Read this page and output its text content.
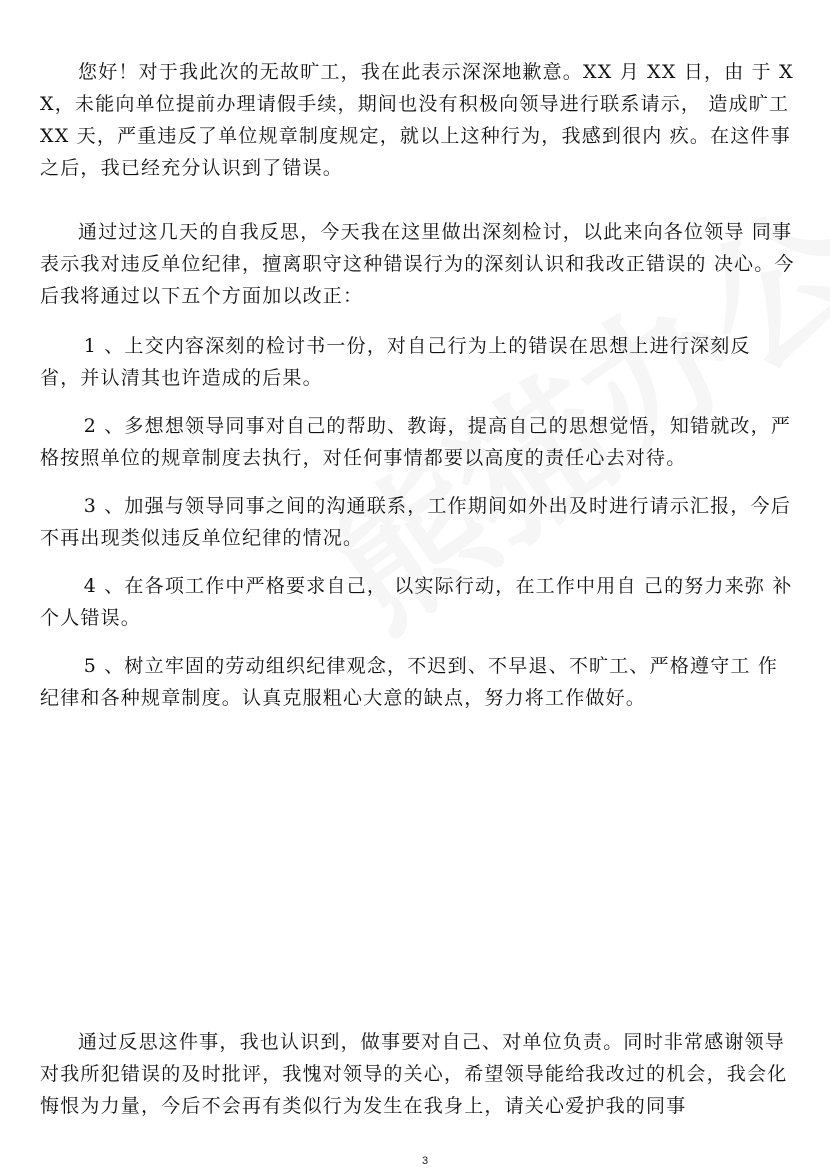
您好！对于我此次的无故旷工，我在此表示深深地歉意。XX 月 XX 日，由 于 XX，未能向单位提前办理请假手续，期间也没有积极向领导进行联系请示， 造成旷工 XX 天，严重违反了单位规章制度规定，就以上这种行为，我感到很内 疚。在这件事之后，我已经充分认识到了错误。

通过过这几天的自我反思，今天我在这里做出深刻检讨，以此来向各位领导 同事表示我对违反单位纪律，擅离职守这种错误行为的深刻认识和我改正错误的 决心。今后我将通过以下五个方面加以改正：

1 、上交内容深刻的检讨书一份，对自己行为上的错误在思想上进行深刻反 省，并认清其也许造成的后果。

2 、多想想领导同事对自己的帮助、教诲，提高自己的思想觉悟，知错就改，严格按照单位的规章制度去执行，对任何事情都要以高度的责任心去对待。

3 、加强与领导同事之间的沟通联系，工作期间如外出及时进行请示汇报，今后不再出现类似违反单位纪律的情况。

4 、在各项工作中严格要求自己， 以实际行动，在工作中用自 己的努力来弥 补个人错误。

5 、树立牢固的劳动组织纪律观念，不迟到、不早退、不旷工、严格遵守工 作纪律和各种规章制度。认真克服粗心大意的缺点，努力将工作做好。

通过反思这件事，我也认识到，做事要对自己、对单位负责。同时非常感谢领导对我所犯错误的及时批评，我愧对领导的关心，希望领导能给我改过的机会，我会化悔恨为力量，今后不会再有类似行为发生在我身上，请关心爱护我的同事

3
